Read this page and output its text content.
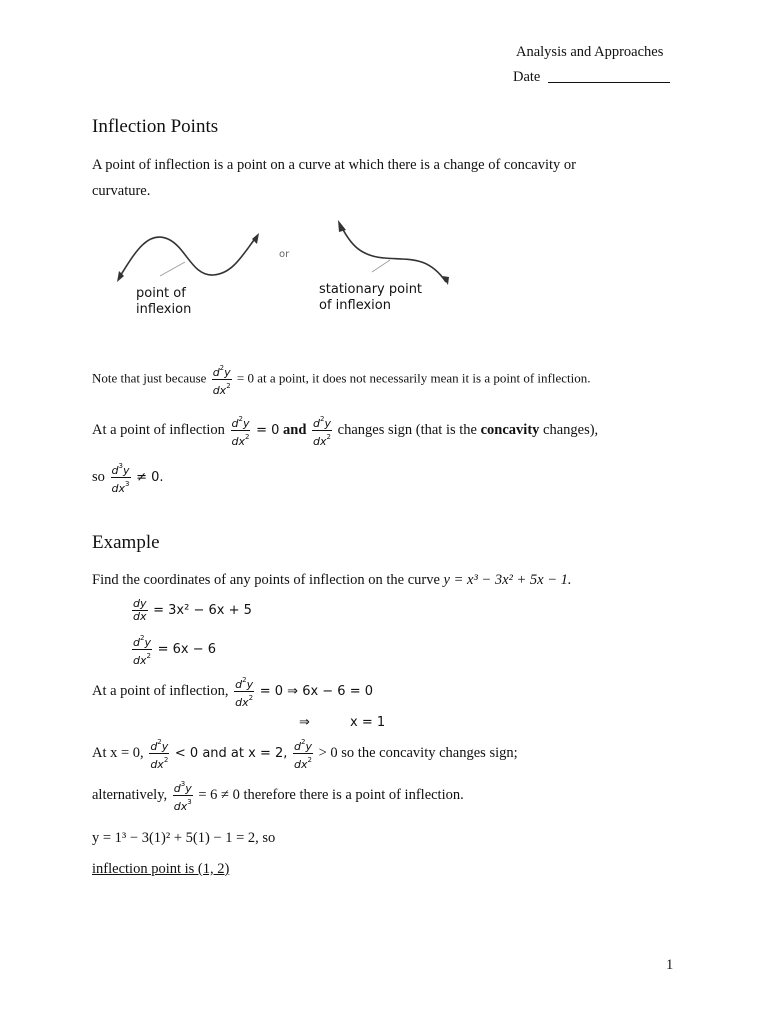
Analysis and Approaches
Date
Inflection Points
A point of inflection is a point on a curve at which there is a change of concavity or
curvature.
or
point of
inflexion
stationary point
of inflexion
Note that just because $\frac{d^2y}{dx^2} = 0$ at a point, it does not necessarily mean it is a point of inflection.
At a point of inflection $\frac{d^2y}{dx^2} = 0$ and $\frac{d^2y}{dx^2}$ changes sign (that is the concavity changes),
so $\frac{d^3y}{dx^3} \ne 0$.
Example
Find the coordinates of any points of inflection on the curve y = x³ − 3x² + 5x − 1.
$\frac{dy}{dx} = 3x^2 - 6x + 5$
$\frac{d^2y}{dx^2} = 6x - 6$
At a point of inflection, $\frac{d^2y}{dx^2} = 0$ ⇒ 6x − 6 = 0
⇒	x = 1
At x = 0, $\frac{d^2y}{dx^2} < 0$ and at x = 2, $\frac{d^2y}{dx^2} > 0$ so the concavity changes sign;
alternatively, $\frac{d^3y}{dx^3} = 6 \ne 0$ therefore there is a point of inflection.
y = 1³ − 3(1)² + 5(1) − 1 = 2, so
inflection point is (1, 2)
1
